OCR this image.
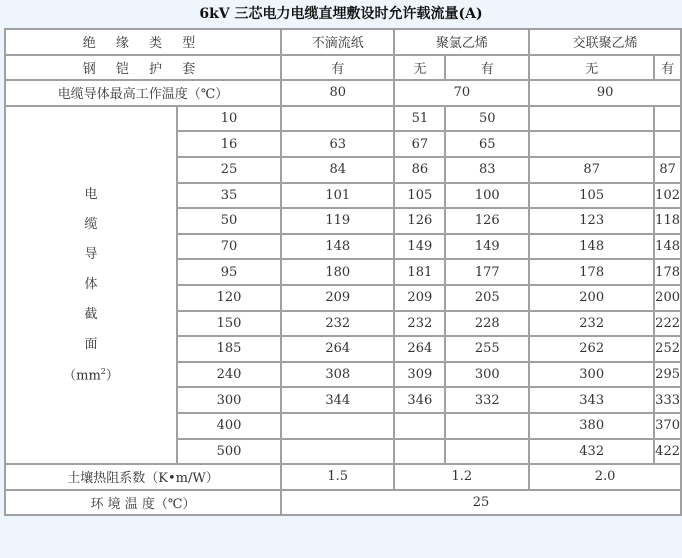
6kV 三芯电力电缆直埋敷设时允许载流量(A)
绝 缘 类 型		不滴流纸	聚氯乙烯		交联聚乙烯	
钢 铠 护 套		有	无	有	无	有
电缆导体最高工作温度（℃）		80	70		90	

电
缆
导
体
截
面
$(mm^2)$
	10		51	50		
	16	63	67	65		
	25	84	86	83	87	87
	35	101	105	100	105	102
	50	119	126	126	123	118
	70	148	149	149	148	148
	95	180	181	177	178	178
	120	209	209	205	200	200
	150	232	232	228	232	222
	185	264	264	255	262	252
	240	308	309	300	300	295
	300	344	346	332	343	333
	400				380	370
	500				432	422
土壤热阻系数（K•m/W）		1.5	1.2		2.0	
环 境 温 度（℃）		25				
